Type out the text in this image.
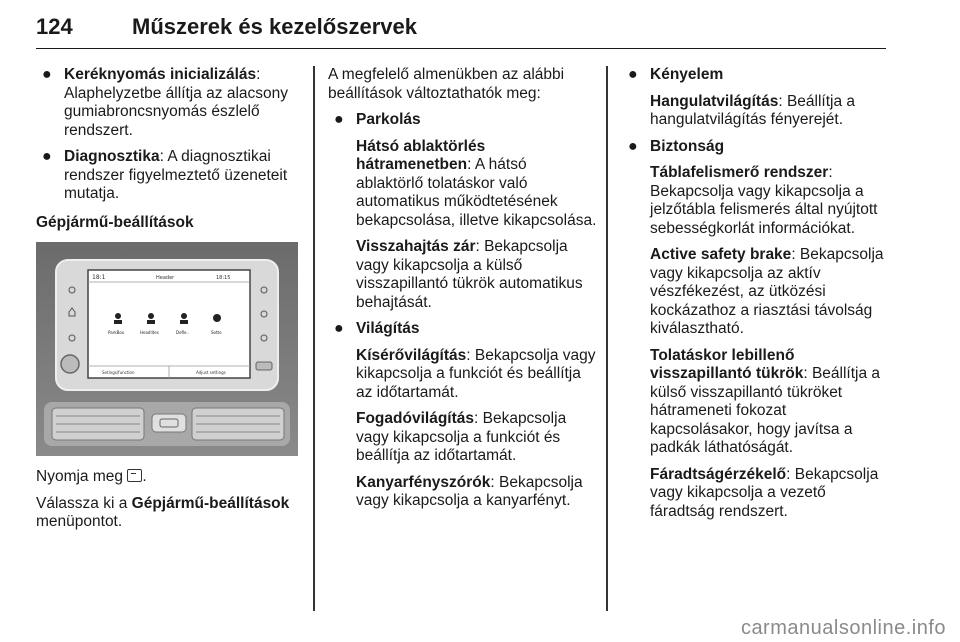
124	Műszerek és kezelőszervek
● Keréknyomás inicializálás: Alaphelyzetbe állítja az alacsony gumiabroncsnyomás észlelő rendszert.
● Diagnosztika: A diagnosztikai rendszer figyelmeztető üzeneteit mutatja.
Gépjármű-beállítások
18:1	Header	18:15
ParkBox	Headlites	Defle..	Sotto
Setings/function	Adjust settings

Nyomja meg .

Válassza ki a Gépjármű-beállítások menüpontot.

A megfelelő almenükben az alábbi beállítások változtathatók meg:

● Parkolás
Hátsó ablaktörlés hátramenetben: A hátsó ablaktörlő tolatáskor való automatikus működtetésének bekapcsolása, illetve kikapcsolása.
Visszahajtás zár: Bekapcsolja vagy kikapcsolja a külső visszapillantó tükrök automatikus behajtását.
● Világítás
Kísérővilágítás: Bekapcsolja vagy kikapcsolja a funkciót és beállítja az időtartamát.
Fogadóvilágítás: Bekapcsolja vagy kikapcsolja a funkciót és beállítja az időtartamát.
Kanyarfényszórók: Bekapcsolja vagy kikapcsolja a kanyarfényt.
● Kényelem
Hangulatvilágítás: Beállítja a hangulatvilágítás fényerejét.
● Biztonság
Táblafelismerő rendszer: Bekapcsolja vagy kikapcsolja a jelzőtábla felismerés által nyújtott sebességkorlát információkat.
Active safety brake: Bekapcsolja vagy kikapcsolja az aktív vészfékezést, az ütközési kockázathoz a riasztási távolság kiválasztható.
Tolatáskor lebillenő visszapillantó tükrök: Beállítja a külső visszapillantó tükröket hátrameneti fokozat kapcsolásakor, hogy javítsa a padkák láthatóságát.
Fáradtságérzékelő: Bekapcsolja vagy kikapcsolja a vezető fáradtság rendszert.
carmanualsonline.info
